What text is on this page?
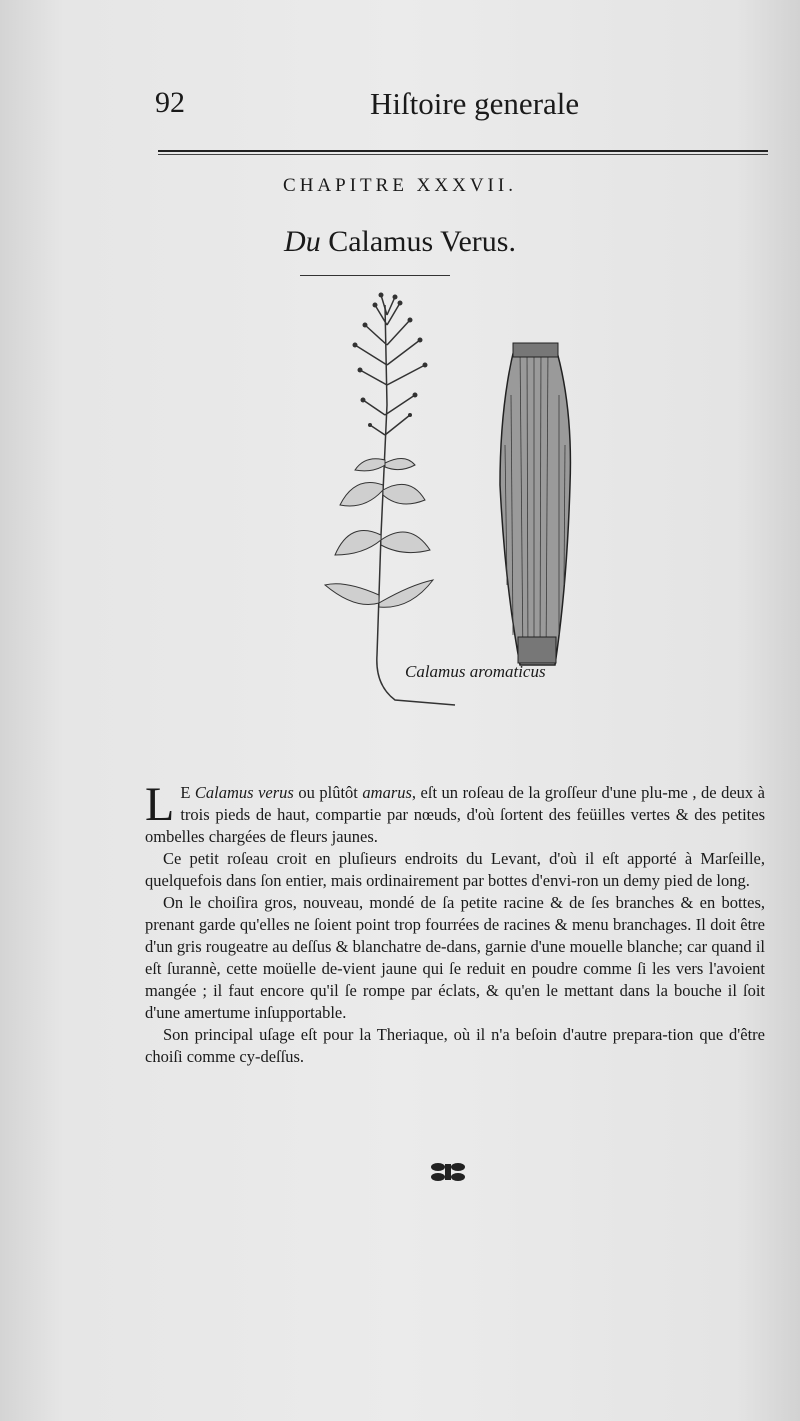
92	Hiſtoire generale
CHAPITRE XXXVII.
Du Calamus Verus.
Calamus aromaticus

L E Calamus verus ou plûtôt amarus, eſt un roſeau de la groſſeur d'une plu-me , de deux à trois pieds de haut, compartie par nœuds, d'où ſortent des feüilles vertes & des petites ombelles chargées de fleurs jaunes.

Ce petit roſeau croit en pluſieurs endroits du Levant, d'où il eſt apporté à Marſeille, quelquefois dans ſon entier, mais ordinairement par bottes d'envi-ron un demy pied de long.

On le choiſira gros, nouveau, mondé de ſa petite racine & de ſes branches & en bottes, prenant garde qu'elles ne ſoient point trop fourrées de racines & menu branchages. Il doit être d'un gris rougeatre au deſſus & blanchatre de-dans, garnie d'une mouelle blanche; car quand il eſt ſurannè, cette moüelle de-vient jaune qui ſe reduit en poudre comme ſi les vers l'avoient mangée ; il faut encore qu'il ſe rompe par éclats, & qu'en le mettant dans la bouche il ſoit d'une amertume inſupportable.

Son principal uſage eſt pour la Theriaque, où il n'a beſoin d'autre prepara-tion que d'être choiſi comme cy-deſſus.
